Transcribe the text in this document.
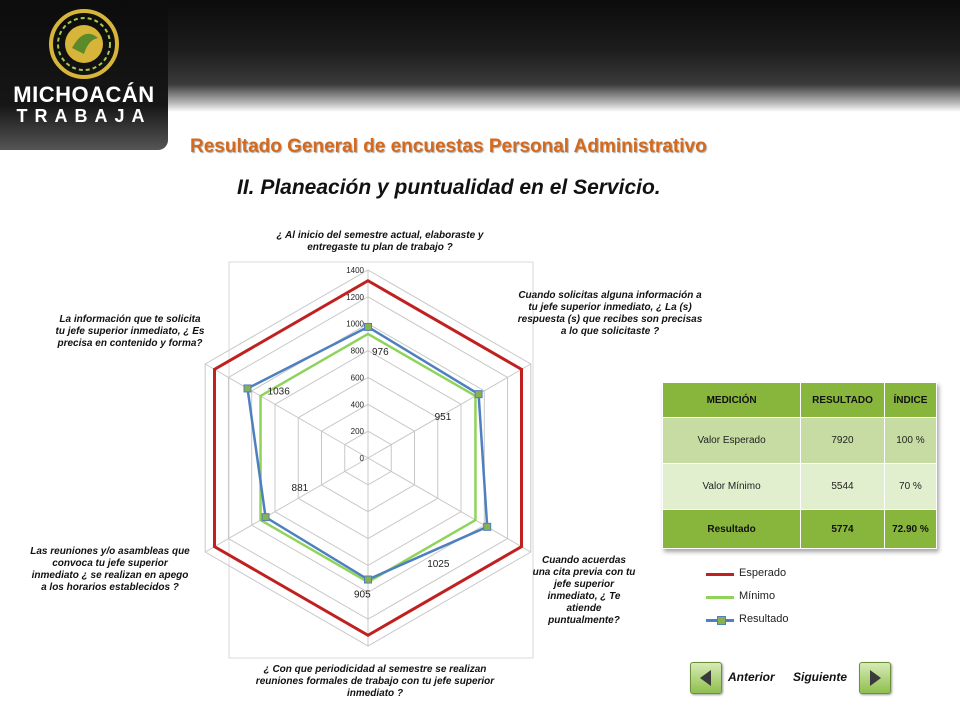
MICHOACÁN
TRABAJA
Resultado General de encuestas Personal Administrativo
II. Planeación y puntualidad en el Servicio.
0
200
400
600
800
1000
1200
1400
976
951
1025
905
881
1036
¿ Al inicio del semestre actual, elaboraste y entregaste tu plan de trabajo ?
Cuando solicitas alguna información a tu jefe superior inmediato, ¿ La (s) respuesta (s) que recibes son precisas a lo que solicitaste ?
Cuando acuerdas una cita previa con tu jefe superior inmediato, ¿ Te atiende puntualmente?
¿ Con que periodicidad al semestre se realizan reuniones formales de trabajo con tu jefe superior inmediato ?
Las reuniones y/o asambleas que convoca tu jefe superior inmediato ¿ se realizan en apego a los horarios establecidos ?
La información que te solicita tu jefe superior inmediato, ¿ Es precisa en contenido y forma?
MEDICIÓN	RESULTADO	ÍNDICE
Valor Esperado	7920	100 %
Valor Mínimo	5544	70 %
Resultado	5774	72.90 %
Esperado
Mínimo
Resultado
Anterior Siguiente
